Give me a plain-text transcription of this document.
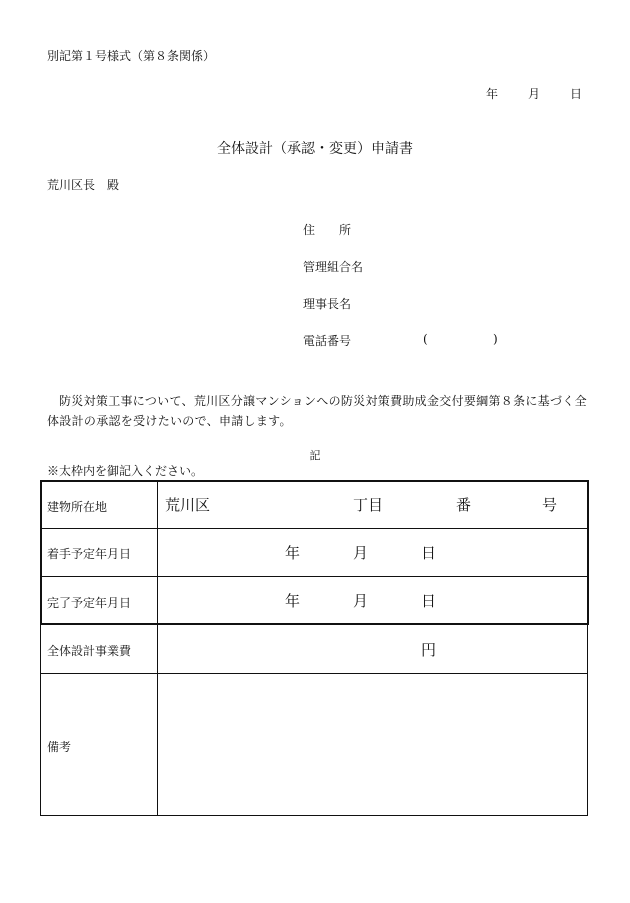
別記第１号様式（第８条関係）
年	月	日
全体設計（承認・変更）申請書
荒川区長　殿
住　　所
管理組合名
理事長名
電話番号	(	)
防災対策工事について、荒川区分譲マンションへの防災対策費助成金交付要綱第８条に基づく全体設計の承認を受けたいので、申請します。
記
※太枠内を御記入ください。
建物所在地	荒川区	丁目	番	号
着手予定年月日	年	月	日
完了予定年月日	年	月	日
全体設計事業費	円
備考
